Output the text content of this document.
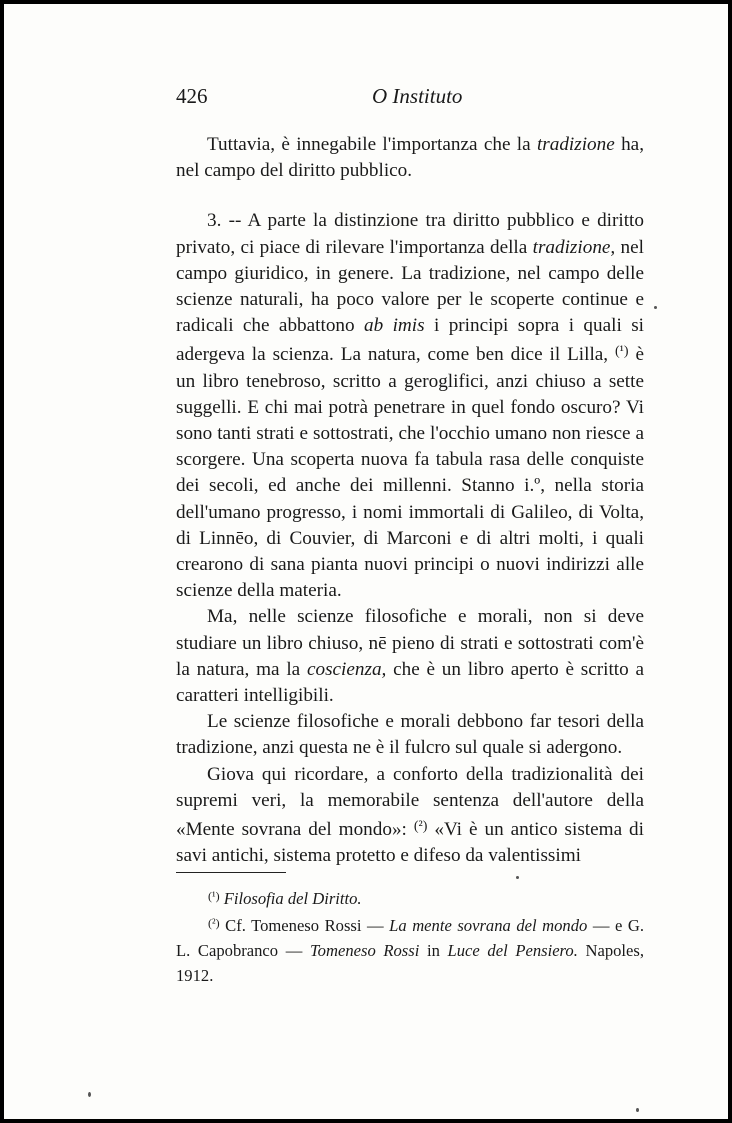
426	O Instituto

Tuttavia, è innegabile l'importanza che la tradizione ha, nel campo del diritto pubblico.

3. -- A parte la distinzione tra diritto pubblico e diritto privato, ci piace di rilevare l'importanza della tradizione, nel campo giuridico, in genere. La tradizione, nel campo delle scienze naturali, ha poco valore per le scoperte continue e radicali che abbattono ab imis i principi sopra i quali si adergeva la scienza. La natura, come ben dice il Lilla, $^{(^1)}$ è un libro tenebroso, scritto a geroglifici, anzi chiuso a sette suggelli. E chi mai potrà penetrare in quel fondo oscuro? Vi sono tanti strati e sottostrati, che l'occhio umano non riesce a scorgere. Una scoperta nuova fa tabula rasa delle conquiste dei secoli, ed anche dei millenni. Stanno i.º, nella storia dell'umano progresso, i nomi immortali di Galileo, di Volta, di Linnēo, di Couvier, di Marconi e di altri molti, i quali crearono di sana pianta nuovi principi o nuovi indirizzi alle scienze della materia.

Ma, nelle scienze filosofiche e morali, non si deve studiare un libro chiuso, nē pieno di strati e sottostrati com'è la natura, ma la coscienza, che è un libro aperto è scritto a caratteri intelligibili.

Le scienze filosofiche e morali debbono far tesori della tradizione, anzi questa ne è il fulcro sul quale si adergono.

Giova qui ricordare, a conforto della tradizionalità dei supremi veri, la memorabile sentenza dell'autore della «Mente sovrana del mondo»: $^{(^2)}$ «Vi è un antico sistema di savi antichi, sistema protetto e difeso da valentissimi

$^{(^1)}$ Filosofia del Diritto.

$^{(^2)}$ Cf. Tomeneso Rossi — La mente sovrana del mondo — e G. L. Capobranco — Tomeneso Rossi in Luce del Pensiero. Napoles, 1912.
